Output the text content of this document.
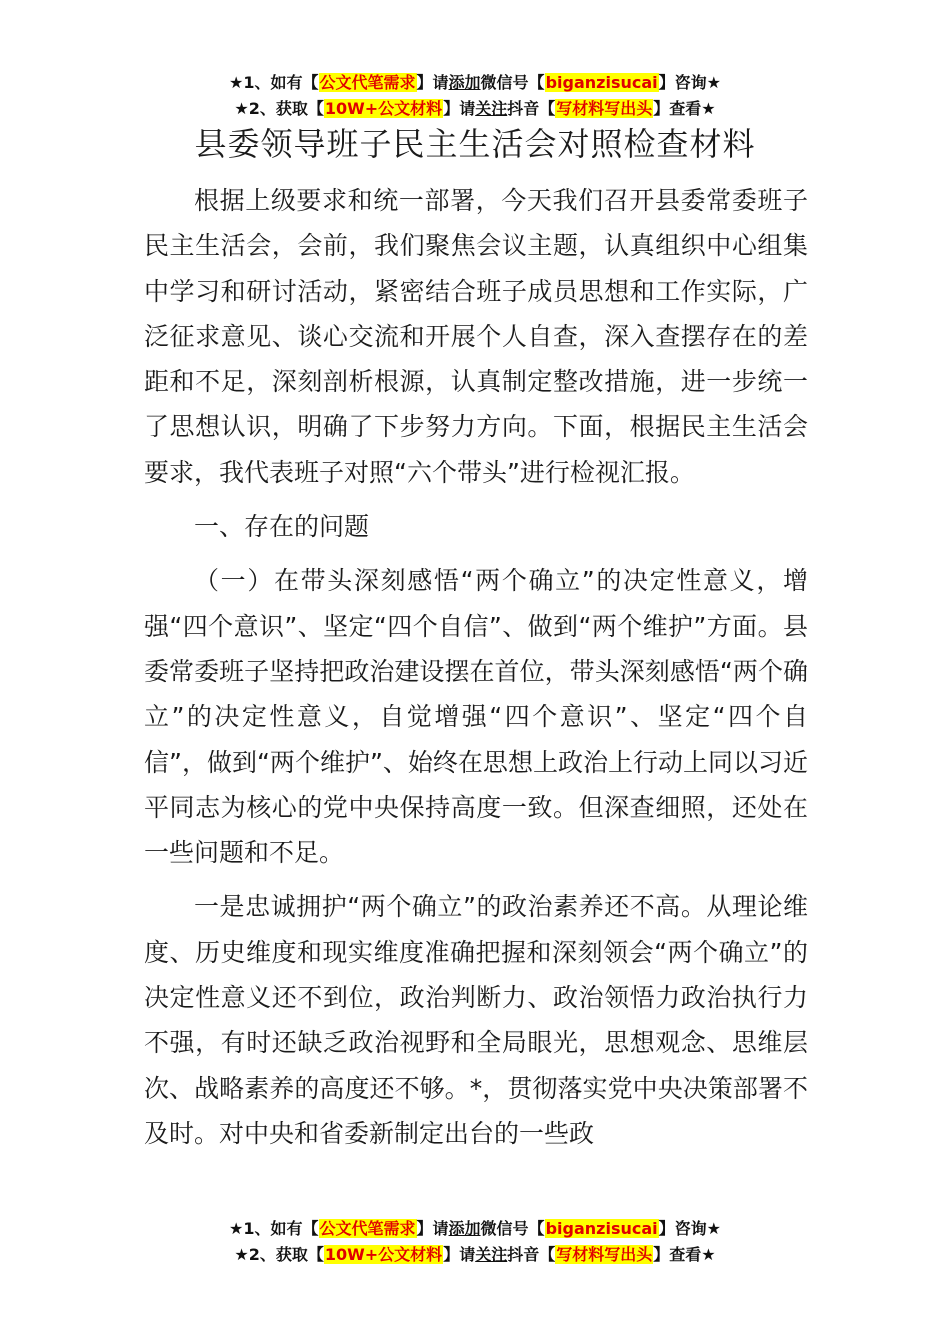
★1、如有【公文代笔需求】请添加微信号【biganzisucai】咨询★
★2、获取【10W+公文材料】请关注抖音【写材料写出头】查看★
县委领导班子民主生活会对照检查材料

根据上级要求和统一部署，今天我们召开县委常委班子民主生活会，会前，我们聚焦会议主题，认真组织中心组集中学习和研讨活动，紧密结合班子成员思想和工作实际，广泛征求意见、谈心交流和开展个人自查，深入查摆存在的差距和不足，深刻剖析根源，认真制定整改措施，进一步统一了思想认识，明确了下步努力方向。下面，根据民主生活会要求，我代表班子对照“六个带头”进行检视汇报。

一、存在的问题

（一）在带头深刻感悟“两个确立”的决定性意义，增强“四个意识”、坚定“四个自信”、做到“两个维护”方面。县委常委班子坚持把政治建设摆在首位，带头深刻感悟“两个确立”的决定性意义，自觉增强“四个意识”、坚定“四个自信”，做到“两个维护”、始终在思想上政治上行动上同以习近平同志为核心的党中央保持高度一致。但深查细照，还处在一些问题和不足。

一是忠诚拥护“两个确立”的政治素养还不高。从理论维度、历史维度和现实维度准确把握和深刻领会“两个确立”的决定性意义还不到位，政治判断力、政治领悟力政治执行力不强，有时还缺乏政治视野和全局眼光，思想观念、思维层次、战略素养的高度还不够。*，贯彻落实党中央决策部署不及时。对中央和省委新制定出台的一些政

★1、如有【公文代笔需求】请添加微信号【biganzisucai】咨询★
★2、获取【10W+公文材料】请关注抖音【写材料写出头】查看★
